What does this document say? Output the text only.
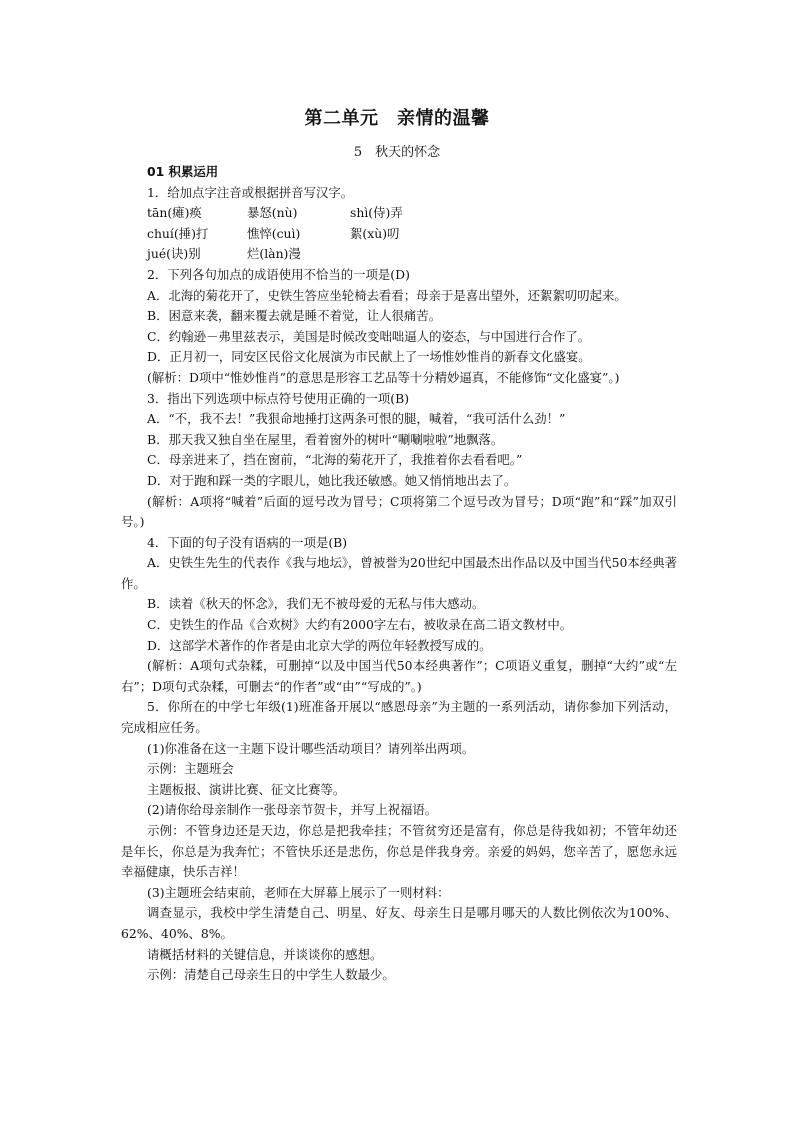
第二单元　亲情的温馨
5　秋天的怀念
01 积累运用
1．给加点字注音或根据拼音写汉字。
tān(瘫)痪	暴怒(nù)	shì(侍)弄
chuí(捶)打	憔悴(cuì)	絮(xù)叨
jué(诀)别	烂(làn)漫
2．下列各句加点的成语使用不恰当的一项是(D)
A．北海的菊花开了，史铁生答应坐轮椅去看看；母亲于是喜出望外，还絮絮叨叨起来。
B．困意来袭，翻来覆去就是睡不着觉，让人很痛苦。
C．约翰逊－弗里兹表示，美国是时候改变咄咄逼人的姿态，与中国进行合作了。
D．正月初一，同安区民俗文化展演为市民献上了一场惟妙惟肖的新春文化盛宴。
(解析：D项中“惟妙惟肖”的意思是形容工艺品等十分精妙逼真，不能修饰“文化盛宴”。)
3．指出下列选项中标点符号使用正确的一项(B)
A．“不，我不去！”我狠命地捶打这两条可恨的腿，喊着，“我可活什么劲！”
B．那天我又独自坐在屋里，看着窗外的树叶“唰唰啦啦”地飘落。
C．母亲进来了，挡在窗前，“北海的菊花开了，我推着你去看看吧。”
D．对于跑和踩一类的字眼儿，她比我还敏感。她又悄悄地出去了。
(解析：A项将“喊着”后面的逗号改为冒号；C项将第二个逗号改为冒号；D项“跑”和“踩”加双引号。)
4．下面的句子没有语病的一项是(B)
A．史铁生先生的代表作《我与地坛》，曾被誉为20世纪中国最杰出作品以及中国当代50本经典著作。
B．读着《秋天的怀念》，我们无不被母爱的无私与伟大感动。
C．史铁生的作品《合欢树》大约有2000字左右，被收录在高二语文教材中。
D．这部学术著作的作者是由北京大学的两位年轻教授写成的。
(解析：A项句式杂糅，可删掉“以及中国当代50本经典著作”；C项语义重复，删掉“大约”或“左右”；D项句式杂糅，可删去“的作者”或“由”“写成的”。)
5．你所在的中学七年级(1)班准备开展以“感恩母亲”为主题的一系列活动，请你参加下列活动，完成相应任务。
(1)你准备在这一主题下设计哪些活动项目？请列举出两项。
示例：主题班会
主题板报、演讲比赛、征文比赛等。
(2)请你给母亲制作一张母亲节贺卡，并写上祝福语。
示例：不管身边还是天边，你总是把我牵挂；不管贫穷还是富有，你总是待我如初；不管年幼还是年长，你总是为我奔忙；不管快乐还是悲伤，你总是伴我身旁。亲爱的妈妈，您辛苦了，愿您永远幸福健康，快乐吉祥！
(3)主题班会结束前，老师在大屏幕上展示了一则材料：
调查显示，我校中学生清楚自己、明星、好友、母亲生日是哪月哪天的人数比例依次为100%、62%、40%、8%。
请概括材料的关键信息，并谈谈你的感想。
示例：清楚自己母亲生日的中学生人数最少。
